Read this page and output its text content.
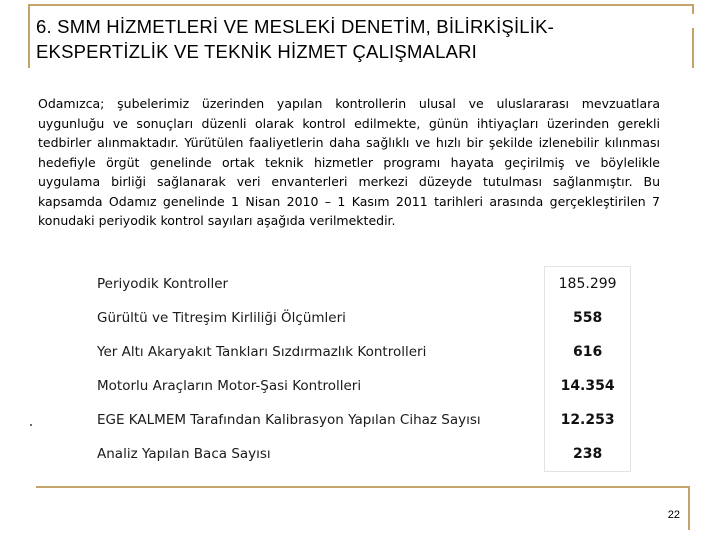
6. SMM HİZMETLERİ VE MESLEKİ DENETİM, BİLİRKİŞİLİK-EKSPERTİZLİK VE TEKNİK HİZMET ÇALIŞMALARI

Odamızca; şubelerimiz üzerinden yapılan kontrollerin ulusal ve uluslararası mevzuatlara uygunluğu ve sonuçları düzenli olarak kontrol edilmekte, günün ihtiyaçları üzerinden gerekli tedbirler alınmaktadır. Yürütülen faaliyetlerin daha sağlıklı ve hızlı bir şekilde izlenebilir kılınması hedefiyle örgüt genelinde ortak teknik hizmetler programı hayata geçirilmiş ve böylelikle uygulama birliği sağlanarak veri envanterleri merkezi düzeyde tutulması sağlanmıştır. Bu kapsamda Odamız genelinde 1 Nisan 2010 – 1 Kasım 2011 tarihleri arasında gerçekleştirilen 7 konudaki periyodik kontrol sayıları aşağıda verilmektedir.

Periyodik Kontroller	185.299
Gürültü ve Titreşim Kirliliği Ölçümleri	558
Yer Altı Akaryakıt Tankları Sızdırmazlık Kontrolleri	616
Motorlu Araçların Motor-Şasi Kontrolleri	14.354
EGE KALMEM Tarafından Kalibrasyon Yapılan Cihaz Sayısı	12.253
Analiz Yapılan Baca Sayısı	238
22
